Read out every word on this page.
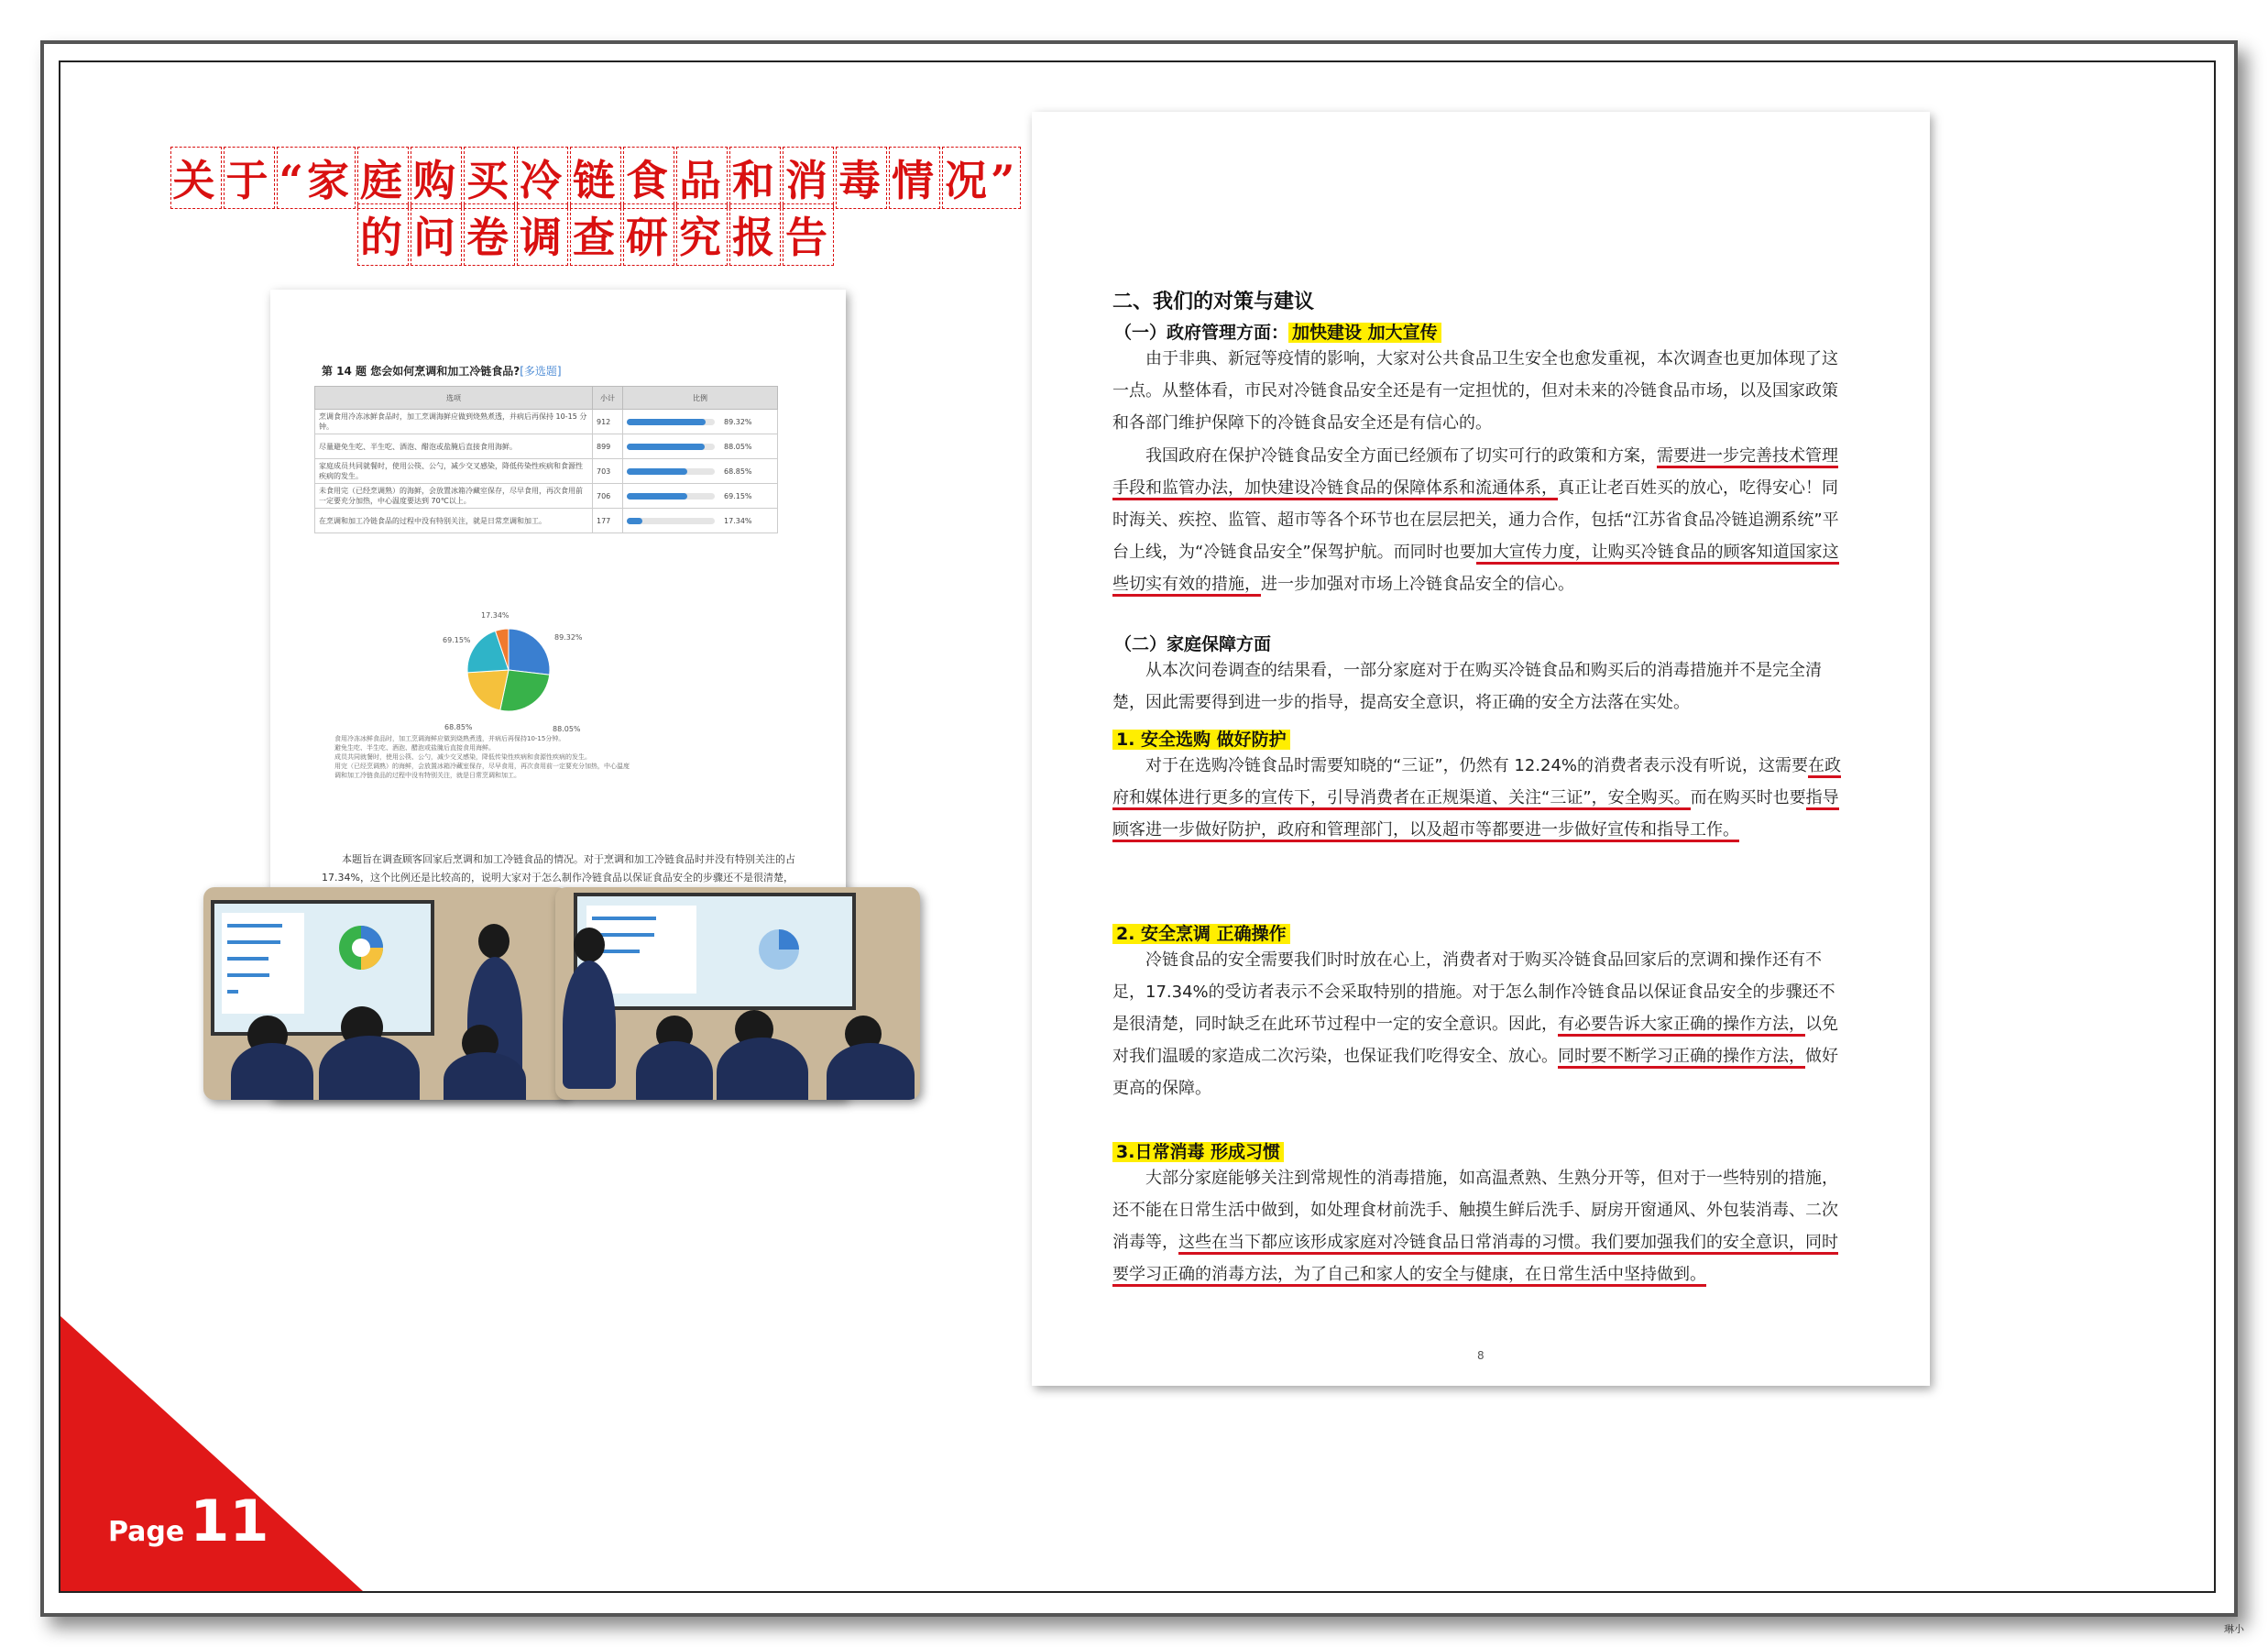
Page11
关 于 “家 庭 购 买 冷 链 食 品 和 消 毒 情 况”
的 问 卷 调 查 研 究 报 告
第 14 题 您会如何烹调和加工冷链食品?[多选题]
选项	小计	比例
烹调食用冷冻冰鲜食品时，加工烹调海鲜应做到烧熟煮透，并病后再保持 10-15 分钟。	912	89.32%
尽量避免生吃、半生吃、酒泡、醋泡或盐腌后直接食用海鲜。	899	88.05%
家庭成员共同就餐时，使用公筷、公勺，减少交叉感染，降低传染性疾病和食源性疾病的发生。	703	68.85%
未食用完（已经烹调熟）的海鲜，会放置冰箱冷藏室保存，尽早食用，再次食用前一定要充分加热，中心温度要达到 70℃以上。	706	69.15%
在烹调和加工冷链食品的过程中没有特别关注，就是日常烹调和加工。	177	17.34%
17.34%
89.32%
69.15%
68.85%	88.05%
食用冷冻冰鲜食品时，加工烹调海鲜应做到烧熟煮透，并病后再保持10-15分钟。
避免生吃、半生吃、酒泡、醋泡或盐腌后直接食用海鲜。
成员共同就餐时，使用公筷、公勺，减少交叉感染，降低传染性疾病和食源性疾病的发生。
用完（已经烹调熟）的海鲜，会放置冰箱冷藏室保存，尽早食用，再次食用前一定要充分加热，中心温度
调和加工冷链食品的过程中没有特别关注，就是日常烹调和加工。
本题旨在调查顾客回家后烹调和加工冷链食品的情况。对于烹调和加工冷链食品时并没有特别关注的占 17.34%，这个比例还是比较高的，说明大家对于怎么制作冷链食品以保证食品安全的步骤还不是很清楚，
二、我们的对策与建议
（一）政府管理方面： 加快建设 加大宣传
由于非典、新冠等疫情的影响，大家对公共食品卫生安全也愈发重视，本次调查也更加体现了这一点。从整体看，市民对冷链食品安全还是有一定担忧的，但对未来的冷链食品市场，以及国家政策和各部门维护保障下的冷链食品安全还是有信心的。
我国政府在保护冷链食品安全方面已经颁布了切实可行的政策和方案，需要进一步完善技术管理手段和监管办法，加快建设冷链食品的保障体系和流通体系，真正让老百姓买的放心，吃得安心！同时海关、疾控、监管、超市等各个环节也在层层把关，通力合作，包括“江苏省食品冷链追溯系统”平台上线，为“冷链食品安全”保驾护航。而同时也要加大宣传力度，让购买冷链食品的顾客知道国家这些切实有效的措施，进一步加强对市场上冷链食品安全的信心。
（二）家庭保障方面
从本次问卷调查的结果看，一部分家庭对于在购买冷链食品和购买后的消毒措施并不是完全清楚，因此需要得到进一步的指导，提高安全意识，将正确的安全方法落在实处。
1. 安全选购 做好防护
对于在选购冷链食品时需要知晓的“三证”，仍然有 12.24%的消费者表示没有听说，这需要在政府和媒体进行更多的宣传下，引导消费者在正规渠道、关注“三证”，安全购买。而在购买时也要指导顾客进一步做好防护，政府和管理部门，以及超市等都要进一步做好宣传和指导工作。
2. 安全烹调 正确操作
冷链食品的安全需要我们时时放在心上，消费者对于购买冷链食品回家后的烹调和操作还有不足，17.34%的受访者表示不会采取特别的措施。对于怎么制作冷链食品以保证食品安全的步骤还不是很清楚，同时缺乏在此环节过程中一定的安全意识。因此，有必要告诉大家正确的操作方法，以免对我们温暖的家造成二次污染，也保证我们吃得安全、放心。同时要不断学习正确的操作方法，做好更高的保障。
3.日常消毒 形成习惯
大部分家庭能够关注到常规性的消毒措施，如高温煮熟、生熟分开等，但对于一些特别的措施，还不能在日常生活中做到，如处理食材前洗手、触摸生鲜后洗手、厨房开窗通风、外包装消毒、二次消毒等，这些在当下都应该形成家庭对冷链食品日常消毒的习惯。我们要加强我们的安全意识，同时要学习正确的消毒方法，为了自己和家人的安全与健康，在日常生活中坚持做到。
8
琳小
